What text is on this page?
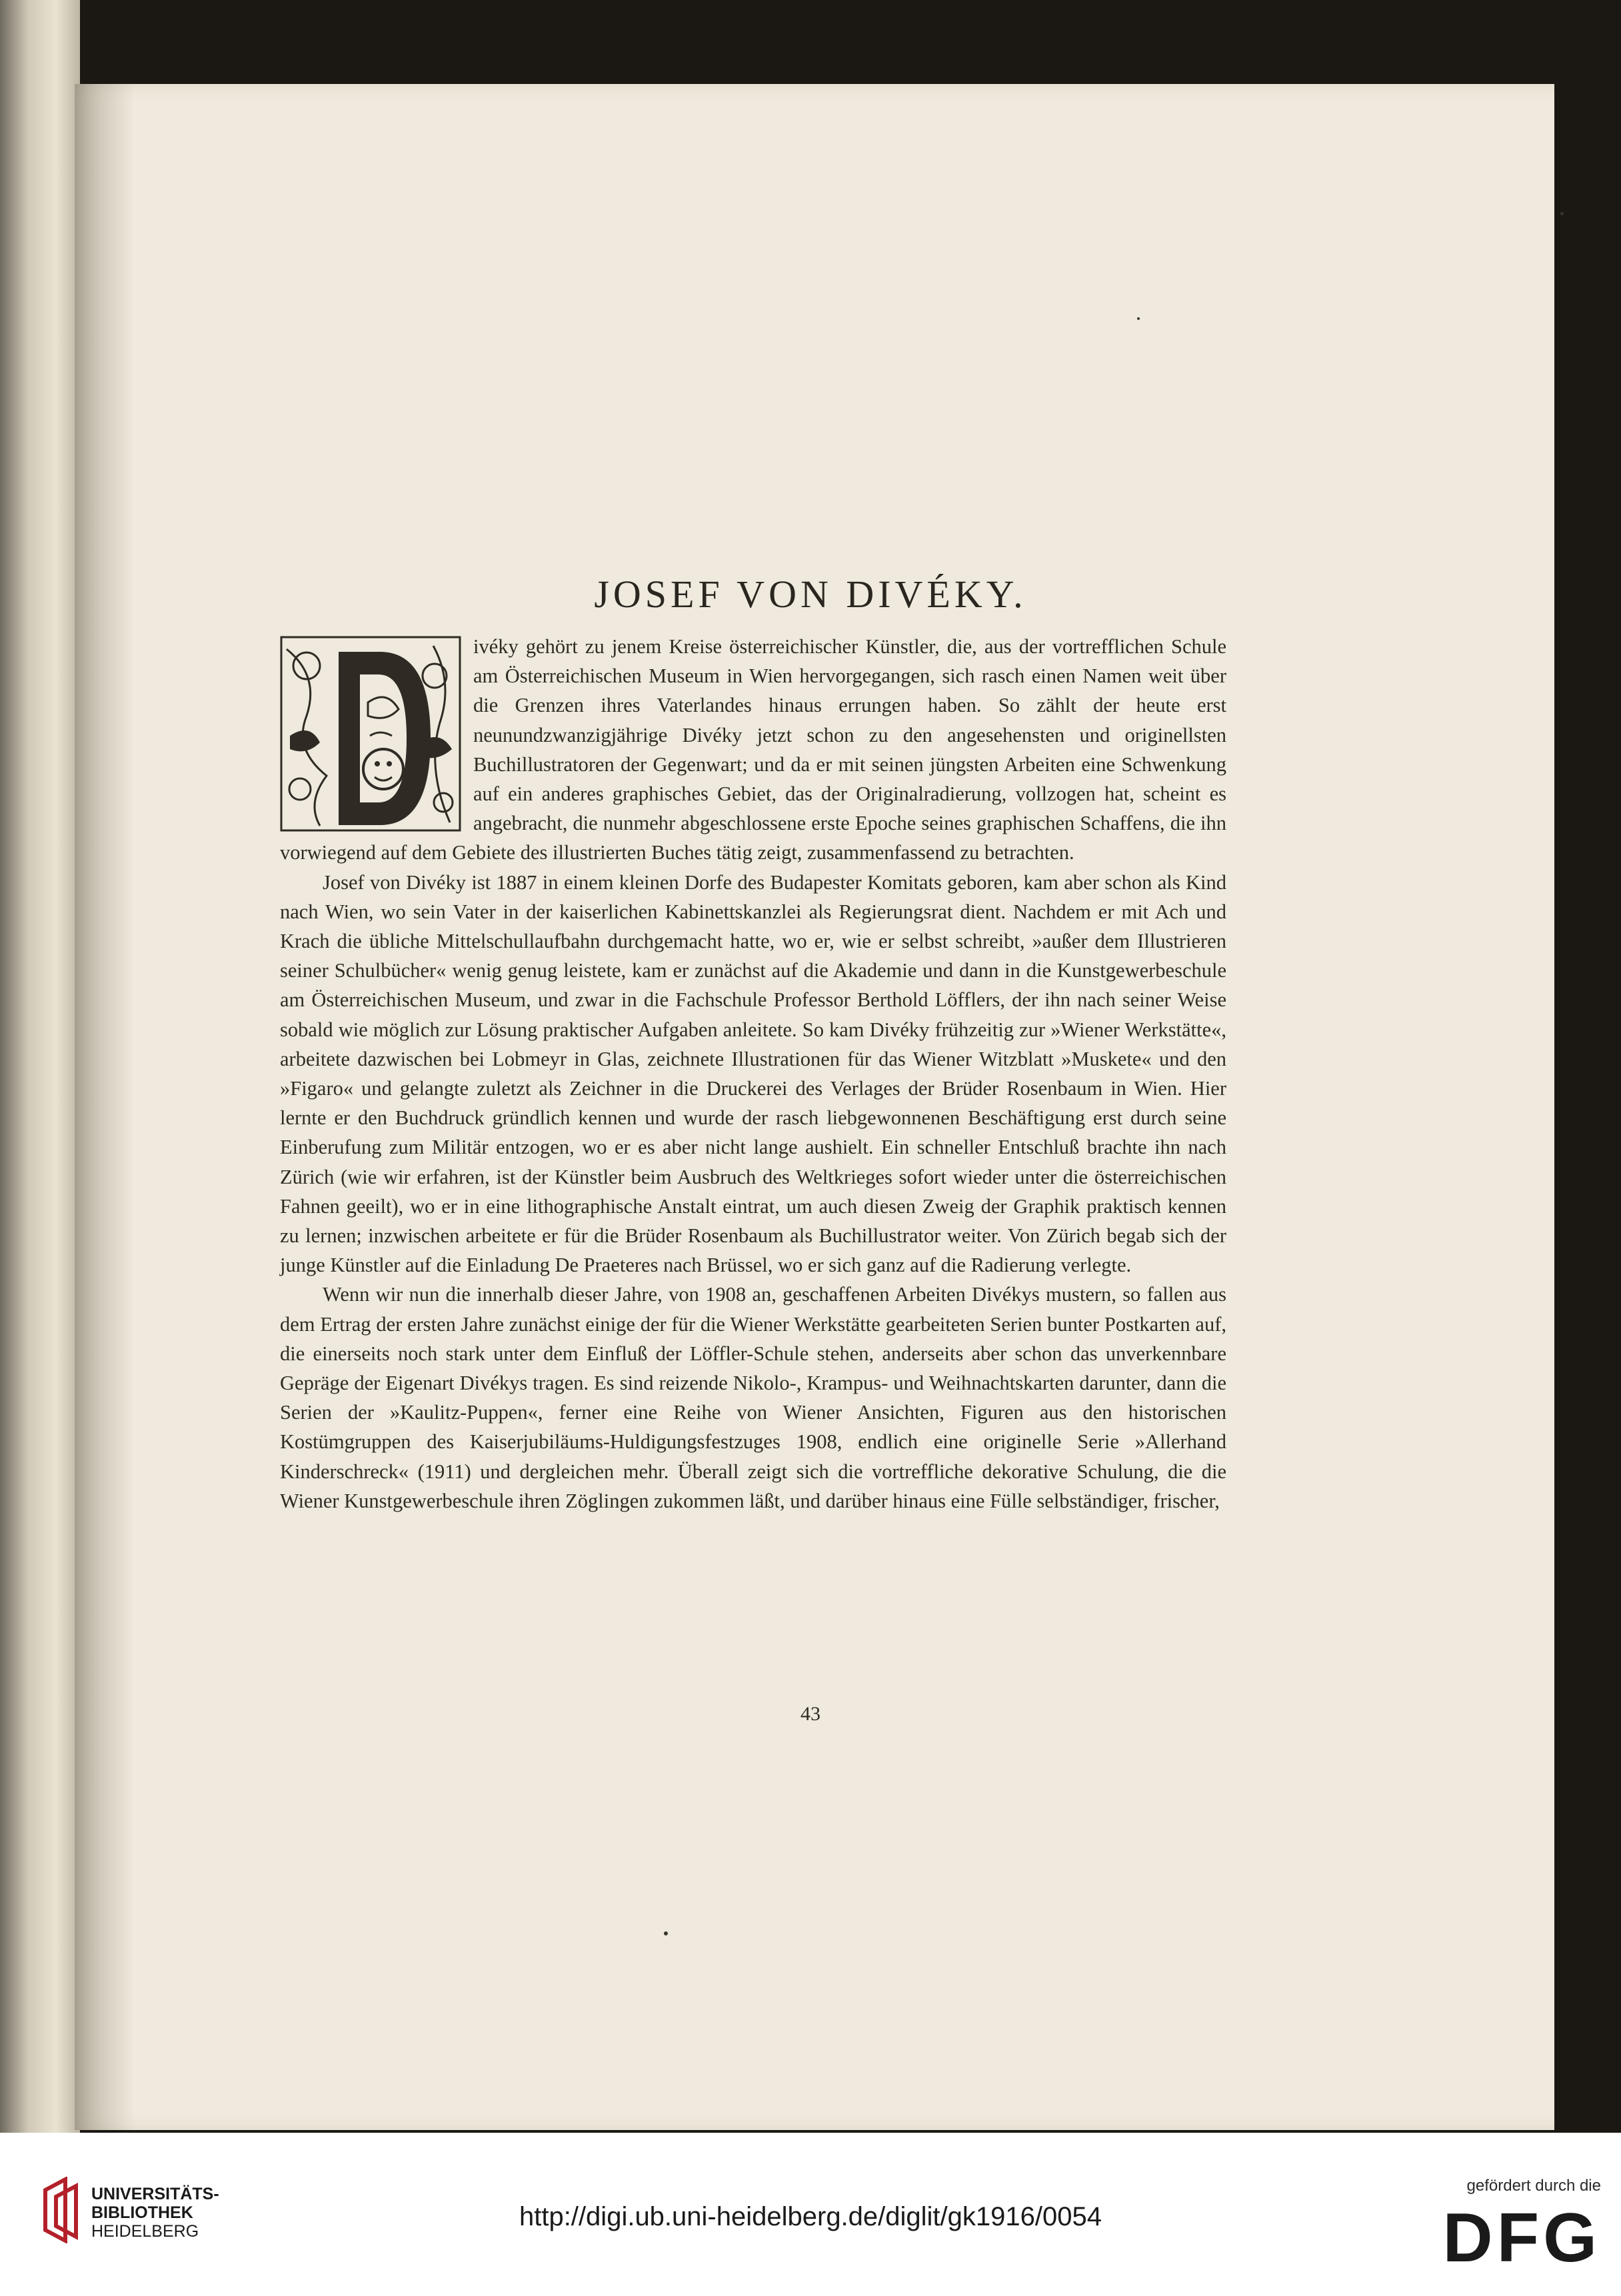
JOSEF VON DIVÉKY.

ivéky gehört zu jenem Kreise österreichischer Künstler, die, aus der vortrefflichen Schule am Österreichischen Museum in Wien hervorgegangen, sich rasch einen Namen weit über die Grenzen ihres Vaterlandes hinaus errungen haben. So zählt der heute erst neunundzwanzigjährige Divéky jetzt schon zu den angesehensten und originellsten Buchillustratoren der Gegenwart; und da er mit seinen jüngsten Arbeiten eine Schwenkung auf ein anderes graphisches Gebiet, das der Originalradierung, vollzogen hat, scheint es angebracht, die nunmehr abgeschlossene erste Epoche seines graphischen Schaffens, die ihn vorwiegend auf dem Gebiete des illustrierten Buches tätig zeigt, zusammenfassend zu betrachten.

Josef von Divéky ist 1887 in einem kleinen Dorfe des Budapester Komitats geboren, kam aber schon als Kind nach Wien, wo sein Vater in der kaiserlichen Kabinettskanzlei als Regierungsrat dient. Nachdem er mit Ach und Krach die übliche Mittelschullaufbahn durchgemacht hatte, wo er, wie er selbst schreibt, »außer dem Illustrieren seiner Schulbücher« wenig genug leistete, kam er zunächst auf die Akademie und dann in die Kunstgewerbeschule am Österreichischen Museum, und zwar in die Fachschule Professor Berthold Löfflers, der ihn nach seiner Weise sobald wie möglich zur Lösung praktischer Aufgaben anleitete. So kam Divéky frühzeitig zur »Wiener Werkstätte«, arbeitete dazwischen bei Lobmeyr in Glas, zeichnete Illustrationen für das Wiener Witzblatt »Muskete« und den »Figaro« und gelangte zuletzt als Zeichner in die Druckerei des Verlages der Brüder Rosenbaum in Wien. Hier lernte er den Buchdruck gründlich kennen und wurde der rasch liebgewonnenen Beschäftigung erst durch seine Einberufung zum Militär entzogen, wo er es aber nicht lange aushielt. Ein schneller Entschluß brachte ihn nach Zürich (wie wir erfahren, ist der Künstler beim Ausbruch des Weltkrieges sofort wieder unter die österreichischen Fahnen geeilt), wo er in eine lithographische Anstalt eintrat, um auch diesen Zweig der Graphik praktisch kennen zu lernen; inzwischen arbeitete er für die Brüder Rosenbaum als Buchillustrator weiter. Von Zürich begab sich der junge Künstler auf die Einladung De Praeteres nach Brüssel, wo er sich ganz auf die Radierung verlegte.

Wenn wir nun die innerhalb dieser Jahre, von 1908 an, geschaffenen Arbeiten Divékys mustern, so fallen aus dem Ertrag der ersten Jahre zunächst einige der für die Wiener Werkstätte gearbeiteten Serien bunter Postkarten auf, die einerseits noch stark unter dem Einfluß der Löffler-Schule stehen, anderseits aber schon das unverkennbare Gepräge der Eigenart Divékys tragen. Es sind reizende Nikolo-, Krampus- und Weihnachtskarten darunter, dann die Serien der »Kaulitz-Puppen«, ferner eine Reihe von Wiener Ansichten, Figuren aus den historischen Kostümgruppen des Kaiserjubiläums-Huldigungsfestzuges 1908, endlich eine originelle Serie »Allerhand Kinderschreck« (1911) und dergleichen mehr. Überall zeigt sich die vortreffliche dekorative Schulung, die die Wiener Kunstgewerbeschule ihren Zöglingen zukommen läßt, und darüber hinaus eine Fülle selbständiger, frischer,

43

UNIVERSITÄTS-
BIBLIOTHEK
HEIDELBERG	http://digi.ub.uni-heidelberg.de/diglit/gk1916/0054
gefördert durch die
DFG
